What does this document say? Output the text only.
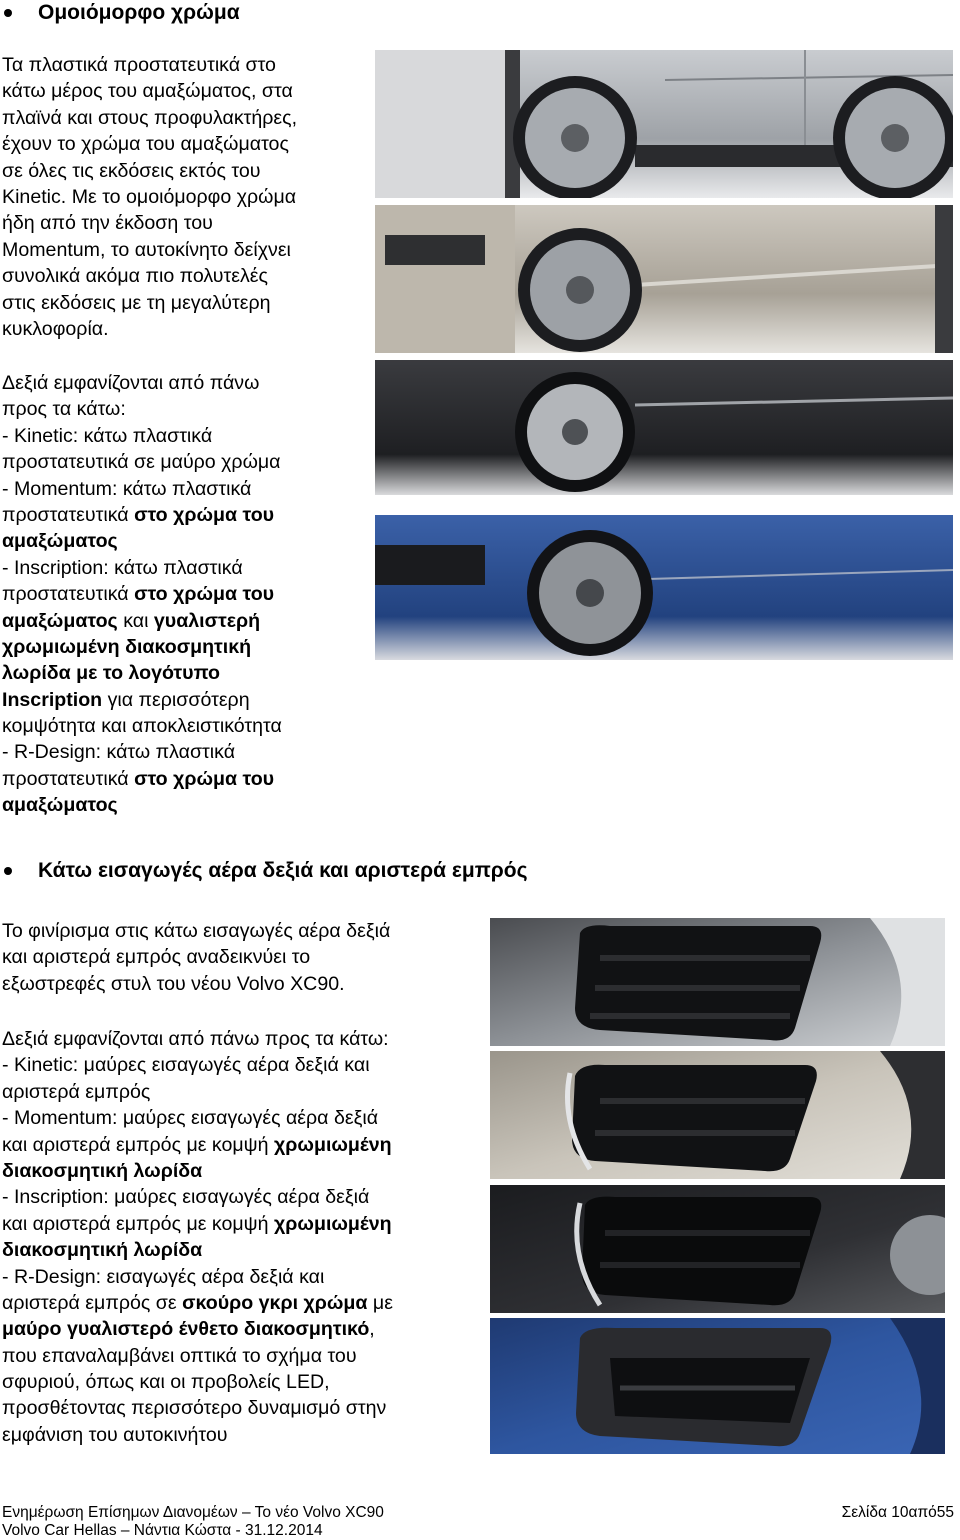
Ομοιόμορφο χρώμα
Τα πλαστικά προστατευτικά στο
κάτω μέρος του αμαξώματος, στα
πλαϊνά και στους προφυλακτήρες,
έχουν το χρώμα του αμαξώματος
σε όλες τις εκδόσεις εκτός του
Kinetic. Με το ομοιόμορφο χρώμα
ήδη από την έκδοση του
Momentum, το αυτοκίνητο δείχνει
συνολικά ακόμα πιο πολυτελές
στις εκδόσεις με τη μεγαλύτερη
κυκλοφορία.
Δεξιά εμφανίζονται από πάνω
προς τα κάτω:
- Kinetic: κάτω πλαστικά
προστατευτικά σε μαύρο χρώμα
- Momentum: κάτω πλαστικά
προστατευτικά στο χρώμα του
αμαξώματος
- Inscription: κάτω πλαστικά
προστατευτικά στο χρώμα του
αμαξώματος και γυαλιστερή
χρωμιωμένη διακοσμητική
λωρίδα με το λογότυπο
Inscription για περισσότερη
κομψότητα και αποκλειστικότητα
- R-Design: κάτω πλαστικά
προστατευτικά στο χρώμα του
αμαξώματος
Κάτω εισαγωγές αέρα δεξιά και αριστερά εμπρός
Το φινίρισμα στις κάτω εισαγωγές αέρα δεξιά
και αριστερά εμπρός αναδεικνύει το
εξωστρεφές στυλ του νέου Volvo XC90.
Δεξιά εμφανίζονται από πάνω προς τα κάτω:
- Kinetic: μαύρες εισαγωγές αέρα δεξιά και
αριστερά εμπρός
- Momentum: μαύρες εισαγωγές αέρα δεξιά
και αριστερά εμπρός με κομψή χρωμιωμένη
διακοσμητική λωρίδα
- Inscription: μαύρες εισαγωγές αέρα δεξιά
και αριστερά εμπρός με κομψή χρωμιωμένη
διακοσμητική λωρίδα
- R-Design: εισαγωγές αέρα δεξιά και
αριστερά εμπρός σε σκούρο γκρι χρώμα με
μαύρο γυαλιστερό ένθετο διακοσμητικό,
που επαναλαμβάνει οπτικά το σχήμα του
σφυριού, όπως και οι προβολείς LED,
προσθέτοντας περισσότερο δυναμισμό στην
εμφάνιση του αυτοκινήτου
Ενημέρωση Επίσημων Διανομέων – Το νέο Volvo XC90	Σελίδα 10από55
Volvo Car Hellas – Νάντια Κώστα - 31.12.2014
